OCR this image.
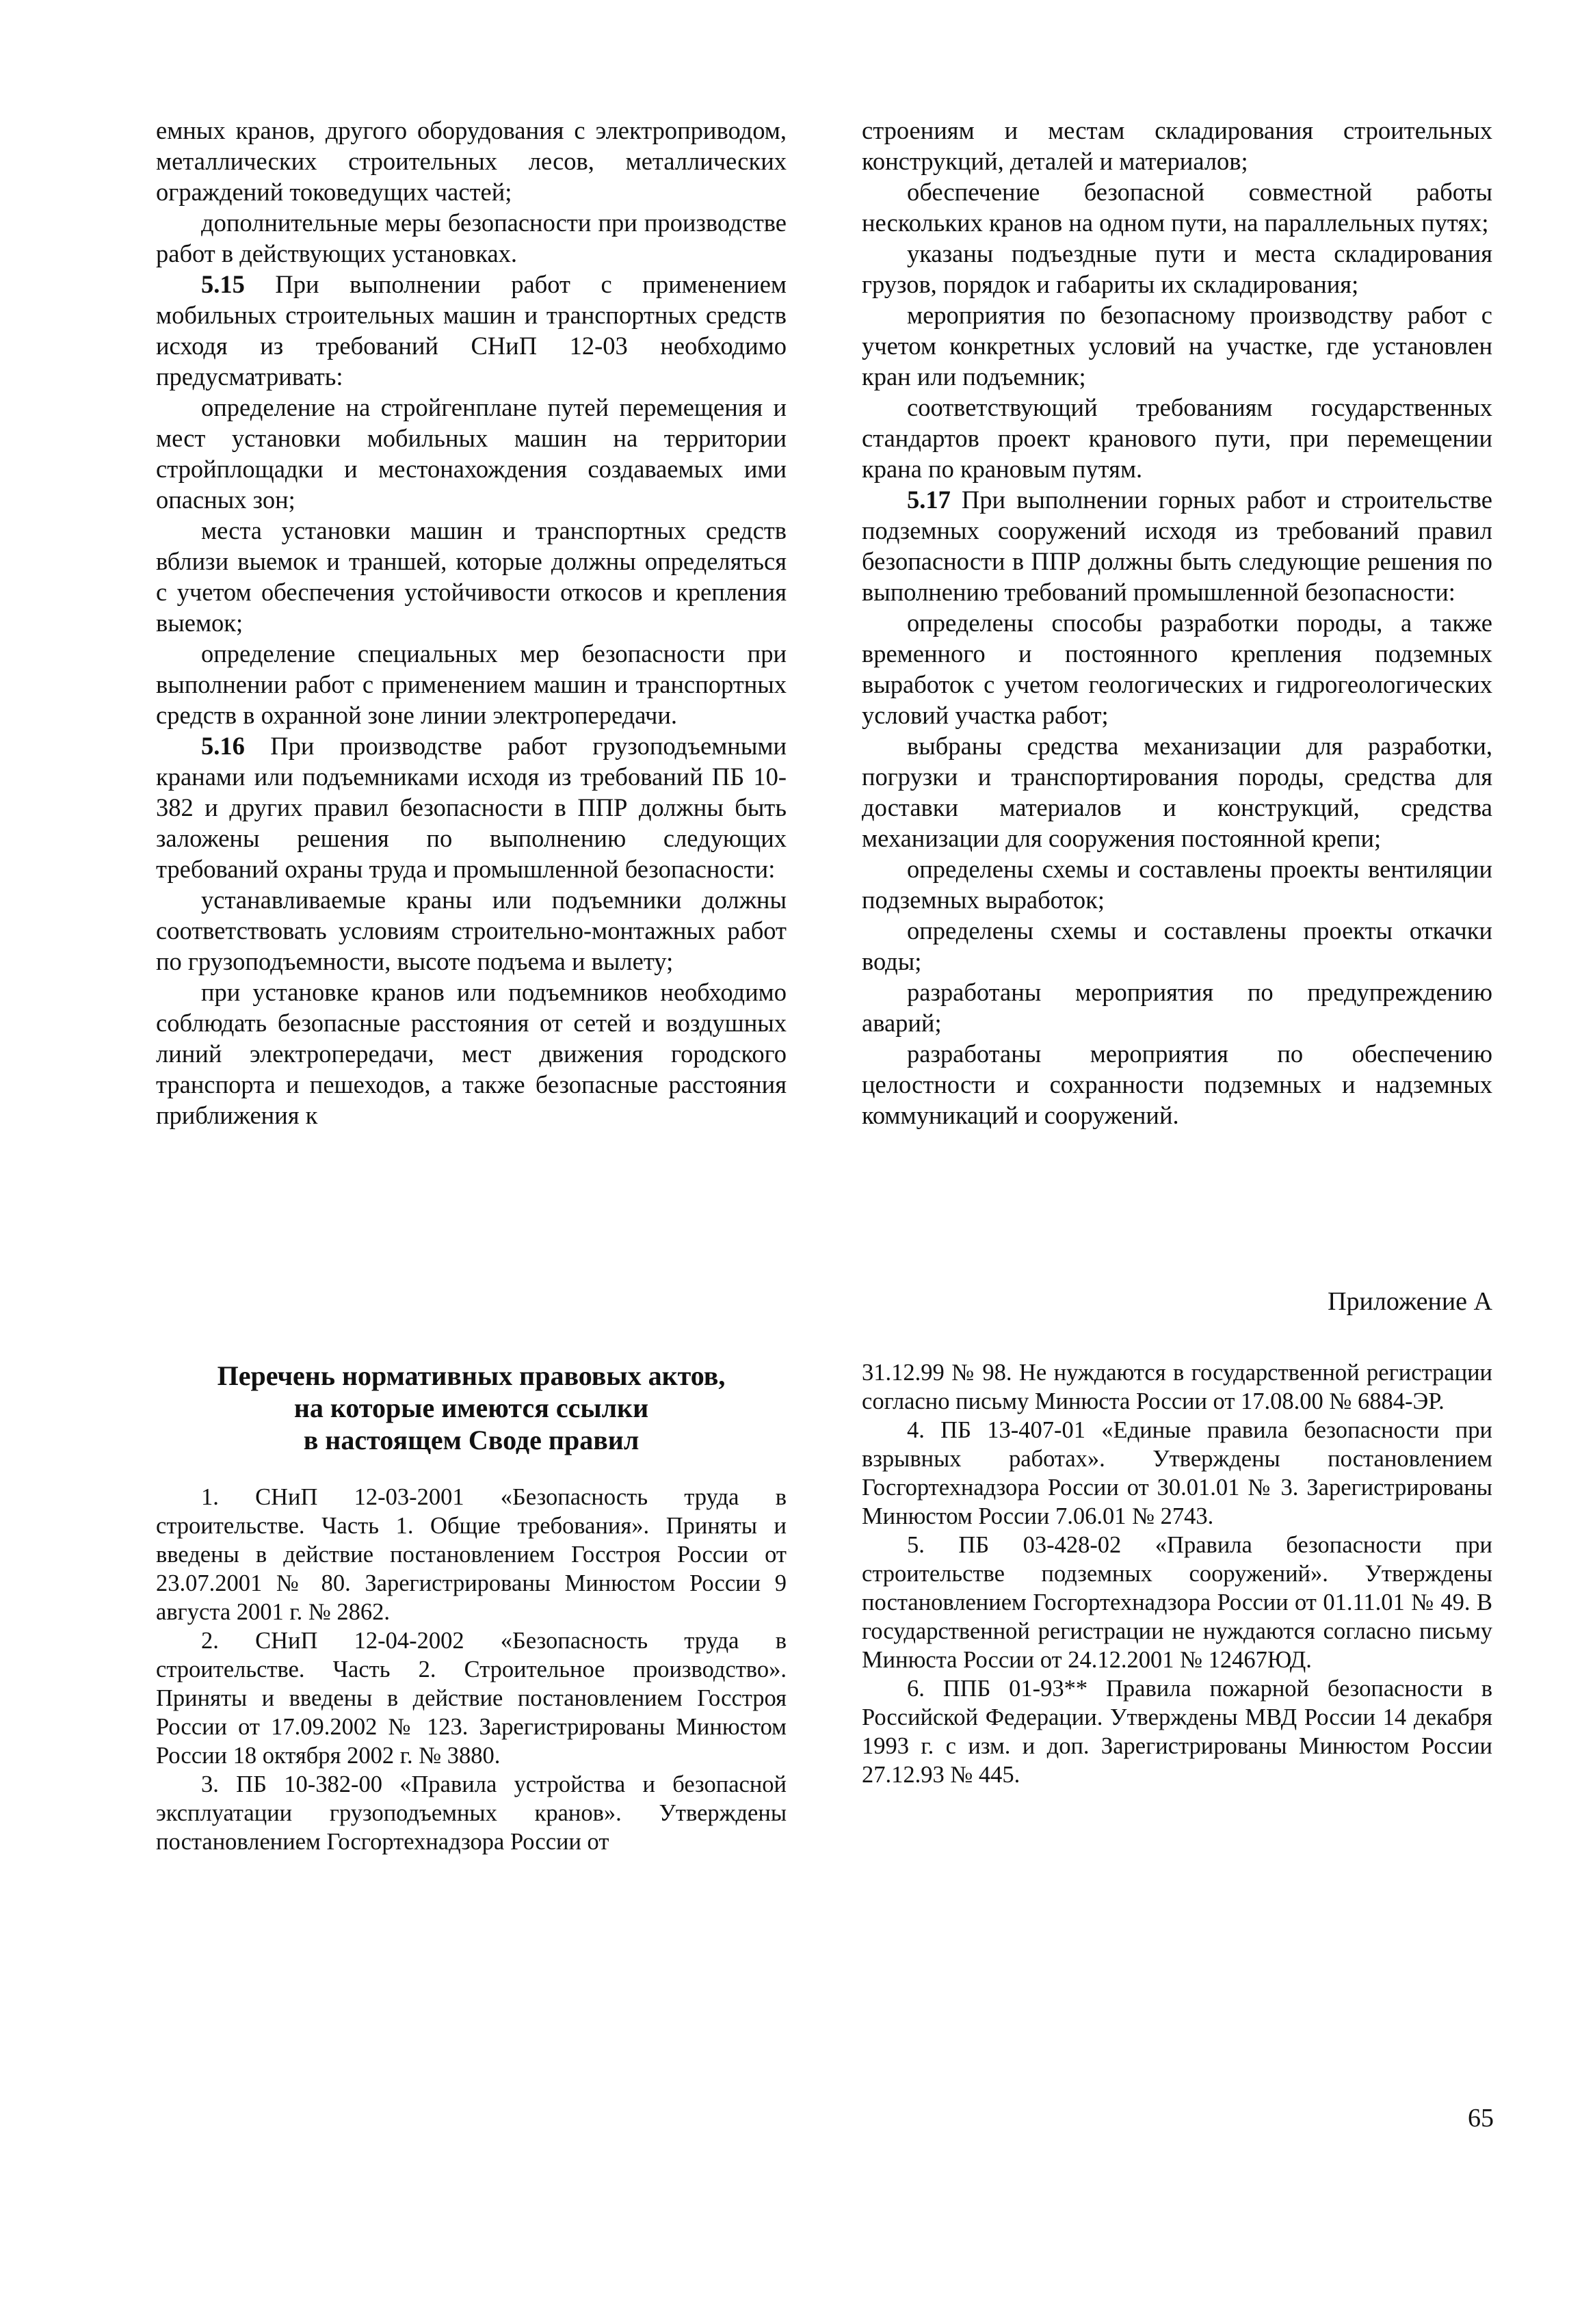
емных кранов, другого оборудования с электроприводом, металлических строительных лесов, металлических ограждений токоведущих частей;

дополнительные меры безопасности при производстве работ в действующих установках.

5.15 При выполнении работ с применением мобильных строительных машин и транспортных средств исходя из требований СНиП 12-03 необходимо предусматривать:

определение на стройгенплане путей перемещения и мест установки мобильных машин на территории стройплощадки и местонахождения создаваемых ими опасных зон;

места установки машин и транспортных средств вблизи выемок и траншей, которые должны определяться с учетом обеспечения устойчивости откосов и крепления выемок;

определение специальных мер безопасности при выполнении работ с применением машин и транспортных средств в охранной зоне линии электропередачи.

5.16 При производстве работ грузоподъемными кранами или подъемниками исходя из требований ПБ 10-382 и других правил безопасности в ППР должны быть заложены решения по выполнению следующих требований охраны труда и промышленной безопасности:

устанавливаемые краны или подъемники должны соответствовать условиям строительно-монтажных работ по грузоподъемности, высоте подъема и вылету;

при установке кранов или подъемников необходимо соблюдать безопасные расстояния от сетей и воздушных линий электропередачи, мест движения городского транспорта и пешеходов, а также безопасные расстояния приближения к

строениям и местам складирования строительных конструкций, деталей и материалов;

обеспечение безопасной совместной работы нескольких кранов на одном пути, на параллельных путях;

указаны подъездные пути и места складирования грузов, порядок и габариты их складирования;

мероприятия по безопасному производству работ с учетом конкретных условий на участке, где установлен кран или подъемник;

соответствующий требованиям государственных стандартов проект кранового пути, при перемещении крана по крановым путям.

5.17 При выполнении горных работ и строительстве подземных сооружений исходя из требований правил безопасности в ППР должны быть следующие решения по выполнению требований промышленной безопасности:

определены способы разработки породы, а также временного и постоянного крепления подземных выработок с учетом геологических и гидрогеологических условий участка работ;

выбраны средства механизации для разработки, погрузки и транспортирования породы, средства для доставки материалов и конструкций, средства механизации для сооружения постоянной крепи;

определены схемы и составлены проекты вентиляции подземных выработок;

определены схемы и составлены проекты откачки воды;

разработаны мероприятия по предупреждению аварий;

разработаны мероприятия по обеспечению целостности и сохранности подземных и надземных коммуникаций и сооружений.

Приложение А
Перечень нормативных правовых актов,
на которые имеются ссылки
в настоящем Своде правил

1. СНиП 12-03-2001 «Безопасность труда в строительстве. Часть 1. Общие требования». Приняты и введены в действие постановлением Госстроя России от 23.07.2001 № 80. Зарегистрированы Минюстом России 9 августа 2001 г. № 2862.

2. СНиП 12-04-2002 «Безопасность труда в строительстве. Часть 2. Строительное производство». Приняты и введены в действие постановлением Госстроя России от 17.09.2002 № 123. Зарегистрированы Минюстом России 18 октября 2002 г. № 3880.

3. ПБ 10-382-00 «Правила устройства и безопасной эксплуатации грузоподъемных кранов». Утверждены постановлением Госгортехнадзора России от

31.12.99 № 98. Не нуждаются в государственной регистрации согласно письму Минюста России от 17.08.00 № 6884-ЭР.

4. ПБ 13-407-01 «Единые правила безопасности при взрывных работах». Утверждены постановлением Госгортехнадзора России от 30.01.01 № 3. Зарегистрированы Минюстом России 7.06.01 № 2743.

5. ПБ 03-428-02 «Правила безопасности при строительстве подземных сооружений». Утверждены постановлением Госгортехнадзора России от 01.11.01 № 49. В государственной регистрации не нуждаются согласно письму Минюста России от 24.12.2001 № 12467ЮД.

6. ППБ 01-93** Правила пожарной безопасности в Российской Федерации. Утверждены МВД России 14 декабря 1993 г. с изм. и доп. Зарегистрированы Минюстом России 27.12.93 № 445.

65
